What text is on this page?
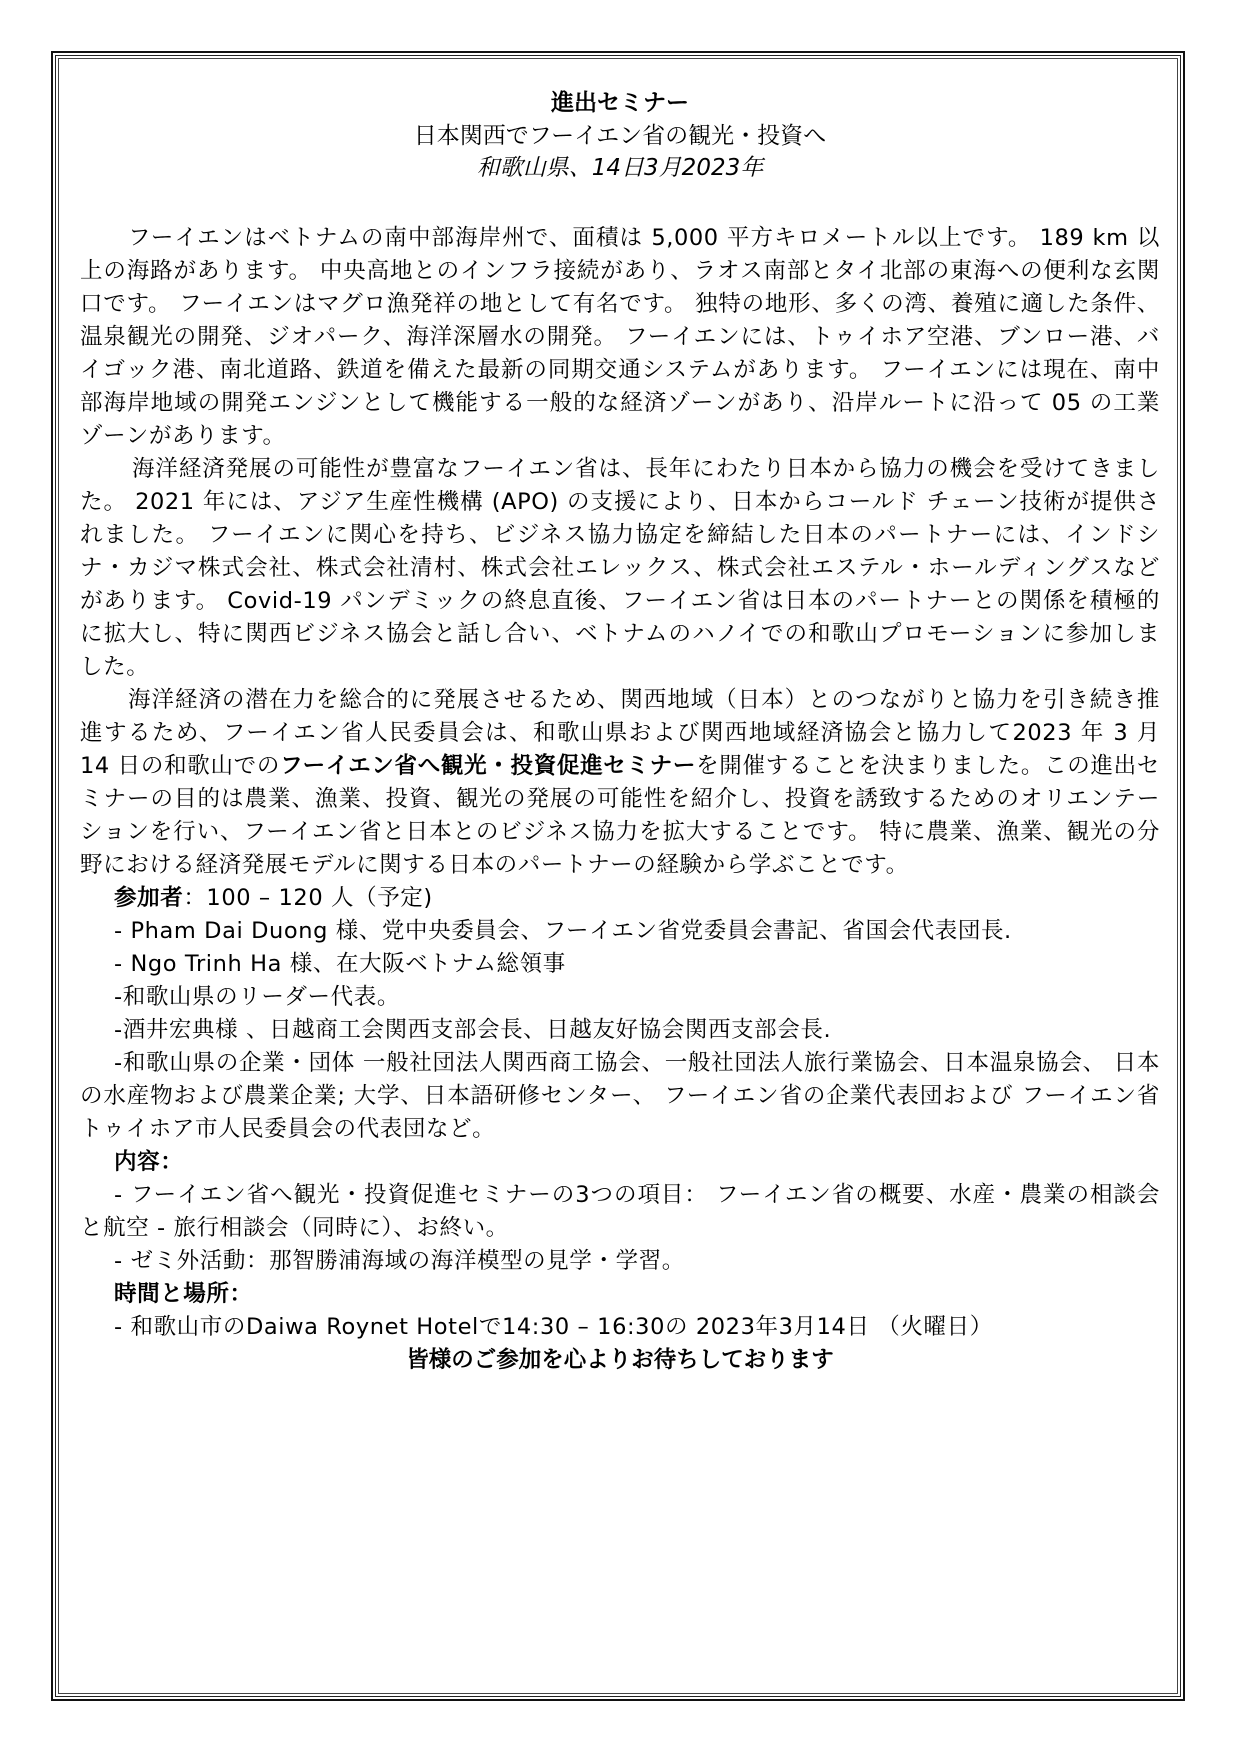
進出セミナー
日本関西でフーイエン省の観光・投資へ
和歌山県、14日3月2023年

フーイエンはベトナムの南中部海岸州で、面積は 5,000 平方キロメートル以上です。 189 km 以上の海路があります。 中央高地とのインフラ接続があり、ラオス南部とタイ北部の東海への便利な玄関口です。 フーイエンはマグロ漁発祥の地として有名です。 独特の地形、多くの湾、養殖に適した条件、温泉観光の開発、ジオパーク、海洋深層水の開発。 フーイエンには、トゥイホア空港、ブンロー港、バイゴック港、南北道路、鉄道を備えた最新の同期交通システムがあります。 フーイエンには現在、南中部海岸地域の開発エンジンとして機能する一般的な経済ゾーンがあり、沿岸ルートに沿って 05 の工業ゾーンがあります。

海洋経済発展の可能性が豊富なフーイエン省は、長年にわたり日本から協力の機会を受けてきました。 2021 年には、アジア生産性機構 (APO) の支援により、日本からコールド チェーン技術が提供されました。 フーイエンに関心を持ち、ビジネス協力協定を締結した日本のパートナーには、インドシナ・カジマ株式会社、株式会社清村、株式会社エレックス、株式会社エステル・ホールディングスなどがあります。 Covid-19 パンデミックの終息直後、フーイエン省は日本のパートナーとの関係を積極的に拡大し、特に関西ビジネス協会と話し合い、ベトナムのハノイでの和歌山プロモーションに参加しました。

海洋経済の潜在力を総合的に発展させるため、関西地域（日本）とのつながりと協力を引き続き推進するため、フーイエン省人民委員会は、和歌山県および関西地域経済協会と協力して2023 年 3 月 14 日の和歌山でのフーイエン省へ観光・投資促進セミナーを開催することを決まりました。この進出セミナーの目的は農業、漁業、投資、観光の発展の可能性を紹介し、投資を誘致するためのオリエンテーションを行い、フーイエン省と日本とのビジネス協力を拡大することです。 特に農業、漁業、観光の分野における経済発展モデルに関する日本のパートナーの経験から学ぶことです。

参加者：100 – 120 人（予定)
- Pham Dai Duong 様、党中央委員会、フーイエン省党委員会書記、省国会代表団長.
- Ngo Trinh Ha 様、在大阪ベトナム総領事
-和歌山県のリーダー代表。
-酒井宏典様 、日越商工会関西支部会長、日越友好協会関西支部会長.

-和歌山県の企業・団体 一般社団法人関西商工協会、一般社団法人旅行業協会、日本温泉協会、 日本の水産物および農業企業; 大学、日本語研修センター、 フーイエン省の企業代表団および フーイエン省トゥイホア市人民委員会の代表団など。

内容：

- フーイエン省へ観光・投資促進セミナーの3つの項目： フーイエン省の概要、水産・農業の相談会と航空 - 旅行相談会（同時に）、お終い。

- ゼミ外活動：那智勝浦海域の海洋模型の見学・学習。
時間と場所：
- 和歌山市のDaiwa Roynet Hotelで14:30 – 16:30の 2023年3月14日 （火曜日）
皆様のご参加を心よりお待ちしております
